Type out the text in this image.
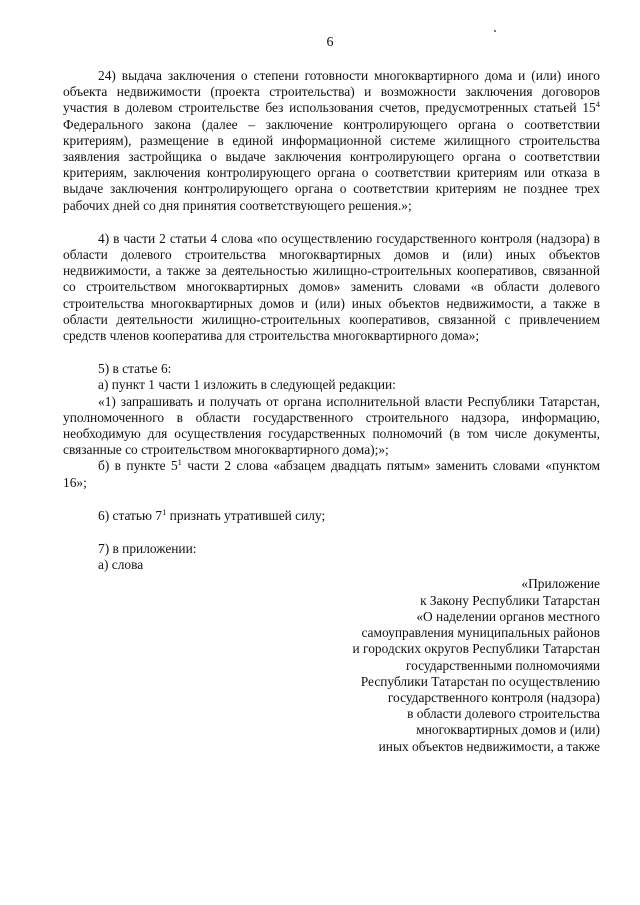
6

24) выдача заключения о степени готовности многоквартирного дома и (или) иного объекта недвижимости (проекта строительства) и возможности заключения договоров участия в долевом строительстве без использования счетов, предусмотренных статьей $15^4$ Федерального закона (далее – заключение контролирующего органа о соответствии критериям), размещение в единой информационной системе жилищного строительства заявления застройщика о выдаче заключения контролирующего органа о соответствии критериям, заключения контролирующего органа о соответствии критериям или отказа в выдаче заключения контролирующего органа о соответствии критериям не позднее трех рабочих дней со дня принятия соответствующего решения.»;

4) в части 2 статьи 4 слова «по осуществлению государственного контроля (надзора) в области долевого строительства многоквартирных домов и (или) иных объектов недвижимости, а также за деятельностью жилищно-строительных кооперативов, связанной со строительством многоквартирных домов» заменить словами «в области долевого строительства многоквартирных домов и (или) иных объектов недвижимости, а также в области деятельности жилищно-строительных кооперативов, связанной с привлечением средств членов кооператива для строительства многоквартирного дома»;

5) в статье 6:

а) пункт 1 части 1 изложить в следующей редакции:

«1) запрашивать и получать от органа исполнительной власти Республики Татарстан, уполномоченного в области государственного строительного надзора, информацию, необходимую для осуществления государственных полномочий (в том числе документы, связанные со строительством многоквартирного дома);»;

б) в пункте $5^1$ части 2 слова «абзацем двадцать пятым» заменить словами «пунктом 16»;

6) статью $7^1$ признать утратившей силу;

7) в приложении:

а) слова

«Приложение
к Закону Республики Татарстан
«О наделении органов местного
самоуправления муниципальных районов
и городских округов Республики Татарстан
государственными полномочиями
Республики Татарстан по осуществлению
государственного контроля (надзора)
в области долевого строительства
многоквартирных домов и (или)
иных объектов недвижимости, а также
